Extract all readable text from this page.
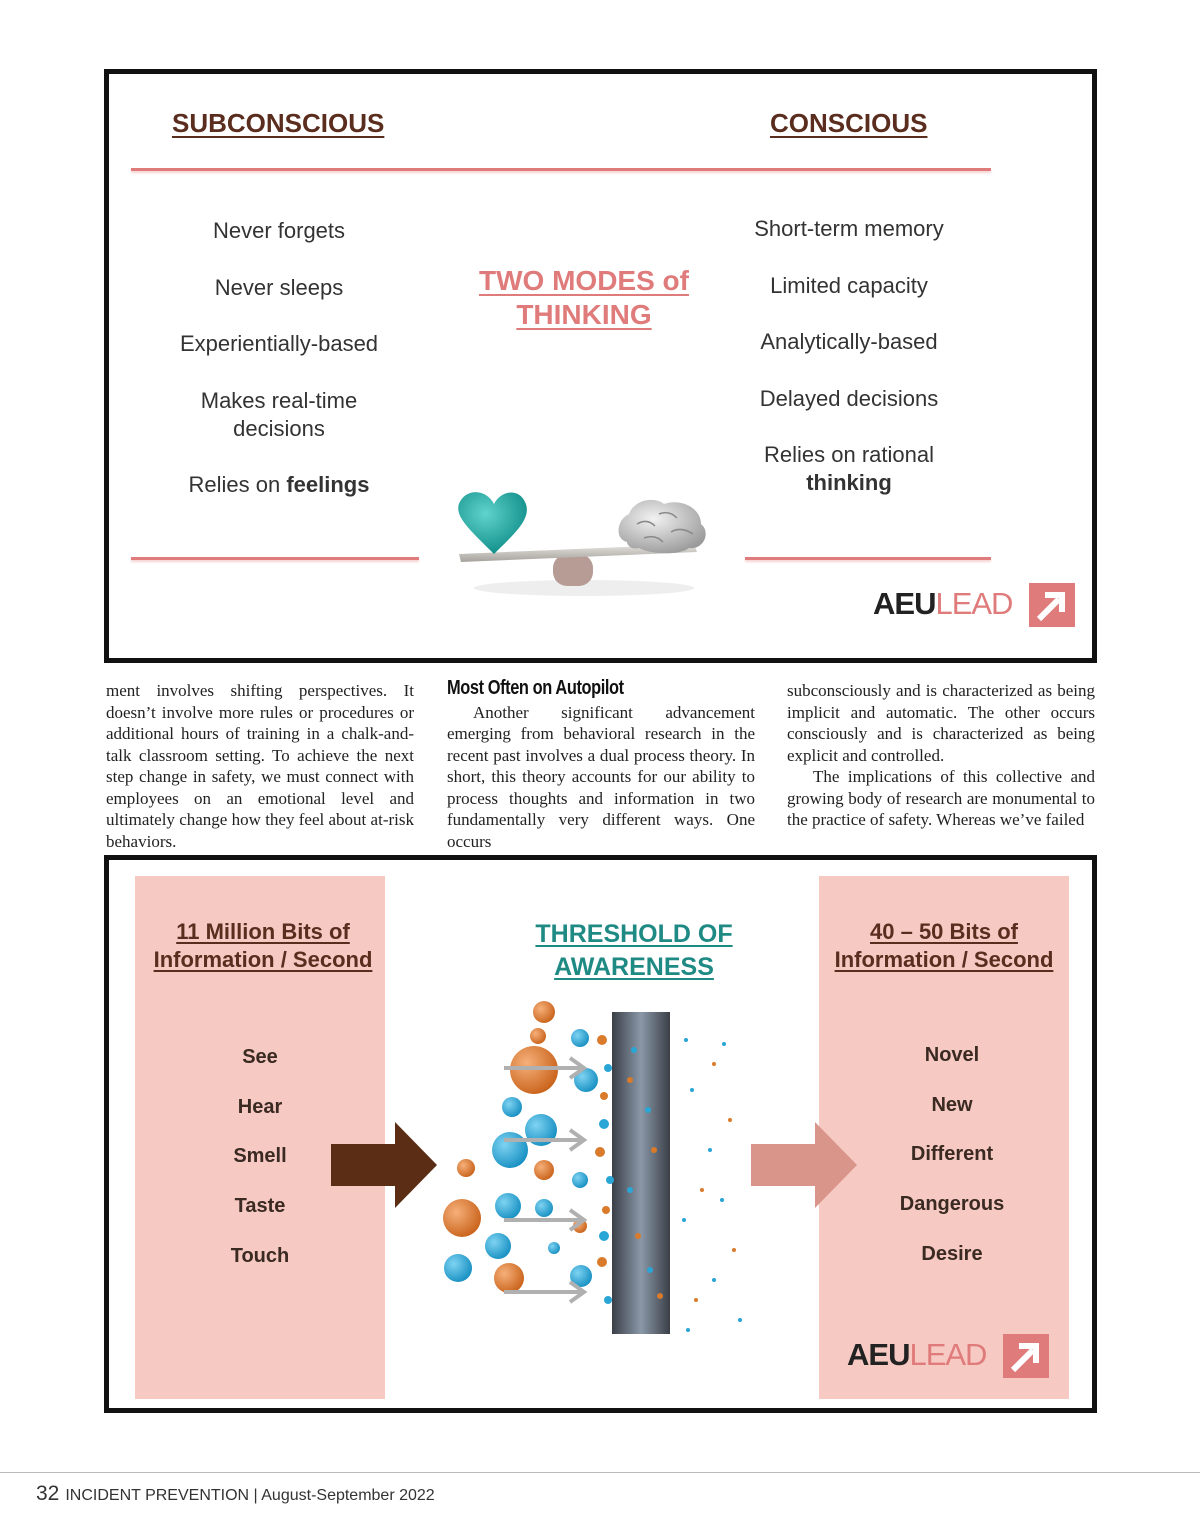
SUBCONSCIOUS	CONSCIOUS
Never forgets
Never sleeps
Experientially-based
Makes real-time
decisions
Relies on feelings
TWO MODES of
THINKING
Short-term memory
Limited capacity
Analytically-based
Delayed decisions
Relies on rational
thinking
AEULEAD

ment involves shifting perspectives. It doesn’t involve more rules or procedures or additional hours of training in a chalk-and-talk classroom setting. To achieve the next step change in safety, we must connect with employees on an emotional level and ultimately change how they feel about at-risk behaviors.

Most Often on Autopilot

Another significant advancement emerging from behavioral research in the recent past involves a dual process theory. In short, this theory accounts for our ability to process thoughts and information in two fundamentally very different ways. One occurs

subconsciously and is characterized as being implicit and automatic. The other occurs consciously and is characterized as being explicit and controlled.

The implications of this collective and growing body of research are monumental to the practice of safety. Whereas we’ve failed

11 Million Bits of
Information / Second
40 – 50 Bits of
Information / Second
THRESHOLD OF
AWARENESS
See
Hear
Smell
Taste
Touch
Novel
New
Different
Dangerous
Desire
AEULEAD
32 INCIDENT PREVENTION | August-September 2022
